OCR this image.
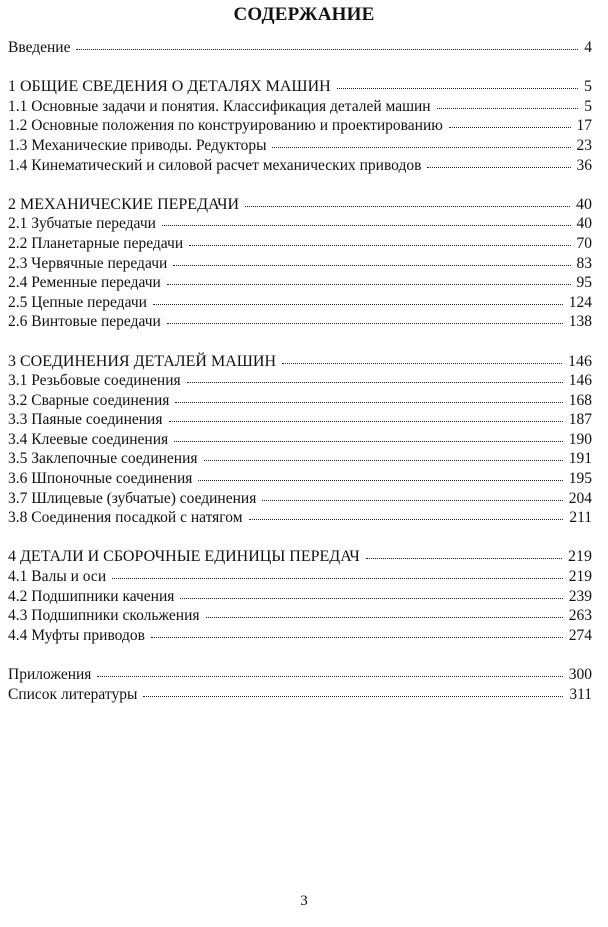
СОДЕРЖАНИЕ
Введение	4
1 ОБЩИЕ СВЕДЕНИЯ О ДЕТАЛЯХ МАШИН	5
1.1 Основные задачи и понятия. Классификация деталей машин	5
1.2 Основные положения по конструированию и проектированию	17
1.3 Механические приводы. Редукторы	23
1.4 Кинематический и силовой расчет механических приводов	36
2 МЕХАНИЧЕСКИЕ ПЕРЕДАЧИ	40
2.1 Зубчатые передачи	40
2.2 Планетарные передачи	70
2.3 Червячные передачи	83
2.4 Ременные передачи	95
2.5 Цепные передачи	124
2.6 Винтовые передачи	138
3 СОЕДИНЕНИЯ ДЕТАЛЕЙ МАШИН	146
3.1 Резьбовые соединения	146
3.2 Сварные соединения	168
3.3 Паяные соединения	187
3.4 Клеевые соединения	190
3.5 Заклепочные соединения	191
3.6 Шпоночные соединения	195
3.7 Шлицевые (зубчатые) соединения	204
3.8 Соединения посадкой с натягом	211
4 ДЕТАЛИ И СБОРОЧНЫЕ ЕДИНИЦЫ ПЕРЕДАЧ	219
4.1 Валы и оси	219
4.2 Подшипники качения	239
4.3 Подшипники скольжения	263
4.4 Муфты приводов	274
Приложения	300
Список литературы	311
3
